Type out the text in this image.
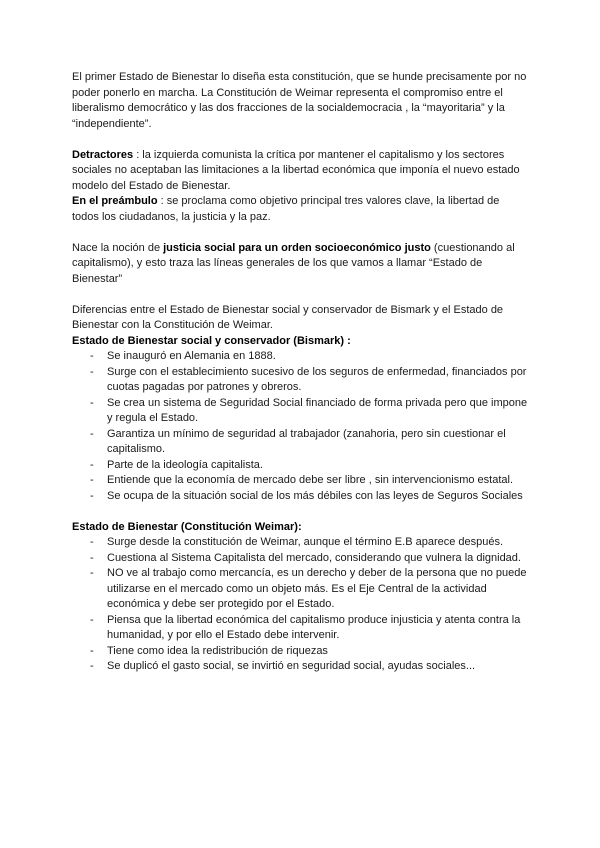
El primer Estado de Bienestar lo diseña esta constitución, que se hunde precisamente por no poder ponerlo en marcha. La Constitución de Weimar representa el compromiso entre el liberalismo democrático y las dos fracciones de la socialdemocracia , la “mayoritaria” y la “independiente”.

Detractores : la izquierda comunista la crítica por mantener el capitalismo y los sectores sociales no aceptaban las limitaciones a la libertad económica que imponía el nuevo estado modelo del Estado de Bienestar.

En el preámbulo : se proclama como objetivo principal tres valores clave, la libertad de todos los ciudadanos, la justicia y la paz.

Nace la noción de justicia social para un orden socioeconómico justo (cuestionando al capitalismo), y esto traza las líneas generales de los que vamos a llamar “Estado de Bienestar”

Diferencias entre el Estado de Bienestar social y conservador de Bismark y el Estado de Bienestar con la Constitución de Weimar.

Estado de Bienestar social y conservador (Bismark) :

- Se inauguró en Alemania en 1888.
- Surge con el establecimiento sucesivo de los seguros de enfermedad, financiados por cuotas pagadas por patrones y obreros.
- Se crea un sistema de Seguridad Social financiado de forma privada pero que impone y regula el Estado.
- Garantiza un mínimo de seguridad al trabajador (zanahoria, pero sin cuestionar el capitalismo.
- Parte de la ideología capitalista.
- Entiende que la economía de mercado debe ser libre , sin intervencionismo estatal.
- Se ocupa de la situación social de los más débiles con las leyes de Seguros Sociales

Estado de Bienestar (Constitución Weimar):

- Surge desde la constitución de Weimar, aunque el término E.B aparece después.
- Cuestiona al Sistema Capitalista del mercado, considerando que vulnera la dignidad.
- NO ve al trabajo como mercancía, es un derecho y deber de la persona que no puede utilizarse en el mercado como un objeto más. Es el Eje Central de la actividad económica y debe ser protegido por el Estado.
- Piensa que la libertad económica del capitalismo produce injusticia y atenta contra la humanidad, y por ello el Estado debe intervenir.
- Tiene como idea la redistribución de riquezas
- Se duplicó el gasto social, se invirtió en seguridad social, ayudas sociales...
